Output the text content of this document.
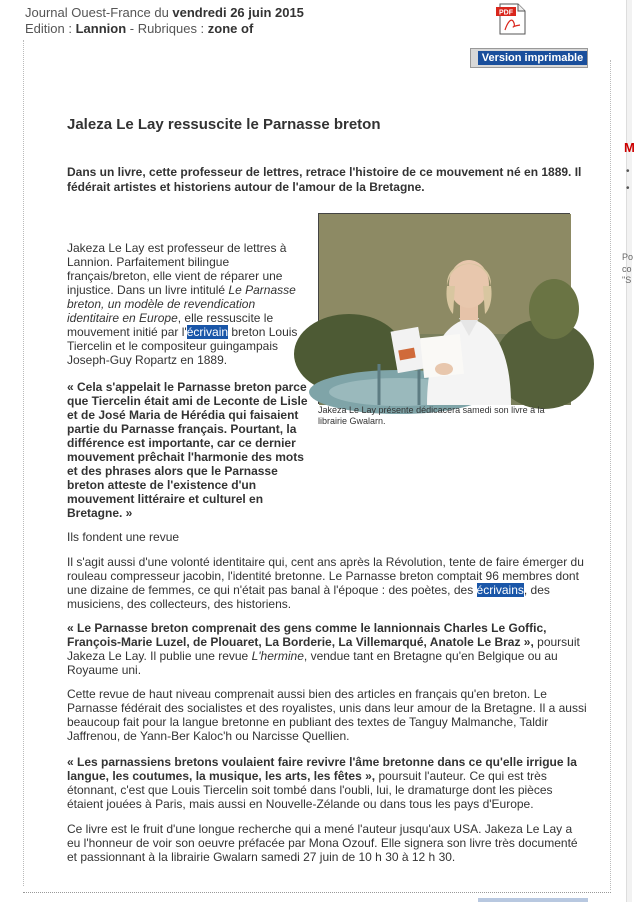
Journal Ouest-France du vendredi 26 juin 2015
Edition : Lannion - Rubriques : zone of
PDF
Version imprimable
M
•
•
Po
co
"S
Jaleza Le Lay ressuscite le Parnasse breton
Dans un livre, cette professeur de lettres, retrace l'histoire de ce mouvement né en 1889. Il fédérait artistes et historiens autour de l'amour de la Bretagne.
Jakeza Le Lay présente dédicacera samedi son livre à la librairie Gwalarn.
Jakeza Le Lay est professeur de lettres à Lannion. Parfaitement bilingue français/breton, elle vient de réparer une injustice. Dans un livre intitulé Le Parnasse breton, un modèle de revendication identitaire en Europe, elle ressuscite le mouvement initié par l'écrivain breton Louis Tiercelin et le compositeur guingampais Joseph-Guy Ropartz en 1889.
« Cela s'appelait le Parnasse breton parce que Tiercelin était ami de Leconte de Lisle et de José Maria de Hérédia qui faisaient partie du Parnasse français. Pourtant, la différence est importante, car ce dernier mouvement prêchait l'harmonie des mots et des phrases alors que le Parnasse breton atteste de l'existence d'un mouvement littéraire et culturel en Bretagne. »
Ils fondent une revue
Il s'agit aussi d'une volonté identitaire qui, cent ans après la Révolution, tente de faire émerger du rouleau compresseur jacobin, l'identité bretonne. Le Parnasse breton comptait 96 membres dont une dizaine de femmes, ce qui n'était pas banal à l'époque : des poètes, des écrivains, des musiciens, des collecteurs, des historiens.
« Le Parnasse breton comprenait des gens comme le lannionnais Charles Le Goffic, François-Marie Luzel, de Plouaret, La Borderie, La Villemarqué, Anatole Le Braz », poursuit Jakeza Le Lay. Il publie une revue L'hermine, vendue tant en Bretagne qu'en Belgique ou au Royaume uni.
Cette revue de haut niveau comprenait aussi bien des articles en français qu'en breton. Le Parnasse fédérait des socialistes et des royalistes, unis dans leur amour de la Bretagne. Il a aussi beaucoup fait pour la langue bretonne en publiant des textes de Tanguy Malmanche, Taldir Jaffrenou, de Yann-Ber Kaloc'h ou Narcisse Quellien.
« Les parnassiens bretons voulaient faire revivre l'âme bretonne dans ce qu'elle irrigue la langue, les coutumes, la musique, les arts, les fêtes », poursuit l'auteur. Ce qui est très étonnant, c'est que Louis Tiercelin soit tombé dans l'oubli, lui, le dramaturge dont les pièces étaient jouées à Paris, mais aussi en Nouvelle-Zélande ou dans tous les pays d'Europe.
Ce livre est le fruit d'une longue recherche qui a mené l'auteur jusqu'aux USA. Jakeza Le Lay a eu l'honneur de voir son oeuvre préfacée par Mona Ozouf. Elle signera son livre très documenté et passionnant à la librairie Gwalarn samedi 27 juin de 10 h 30 à 12 h 30.
